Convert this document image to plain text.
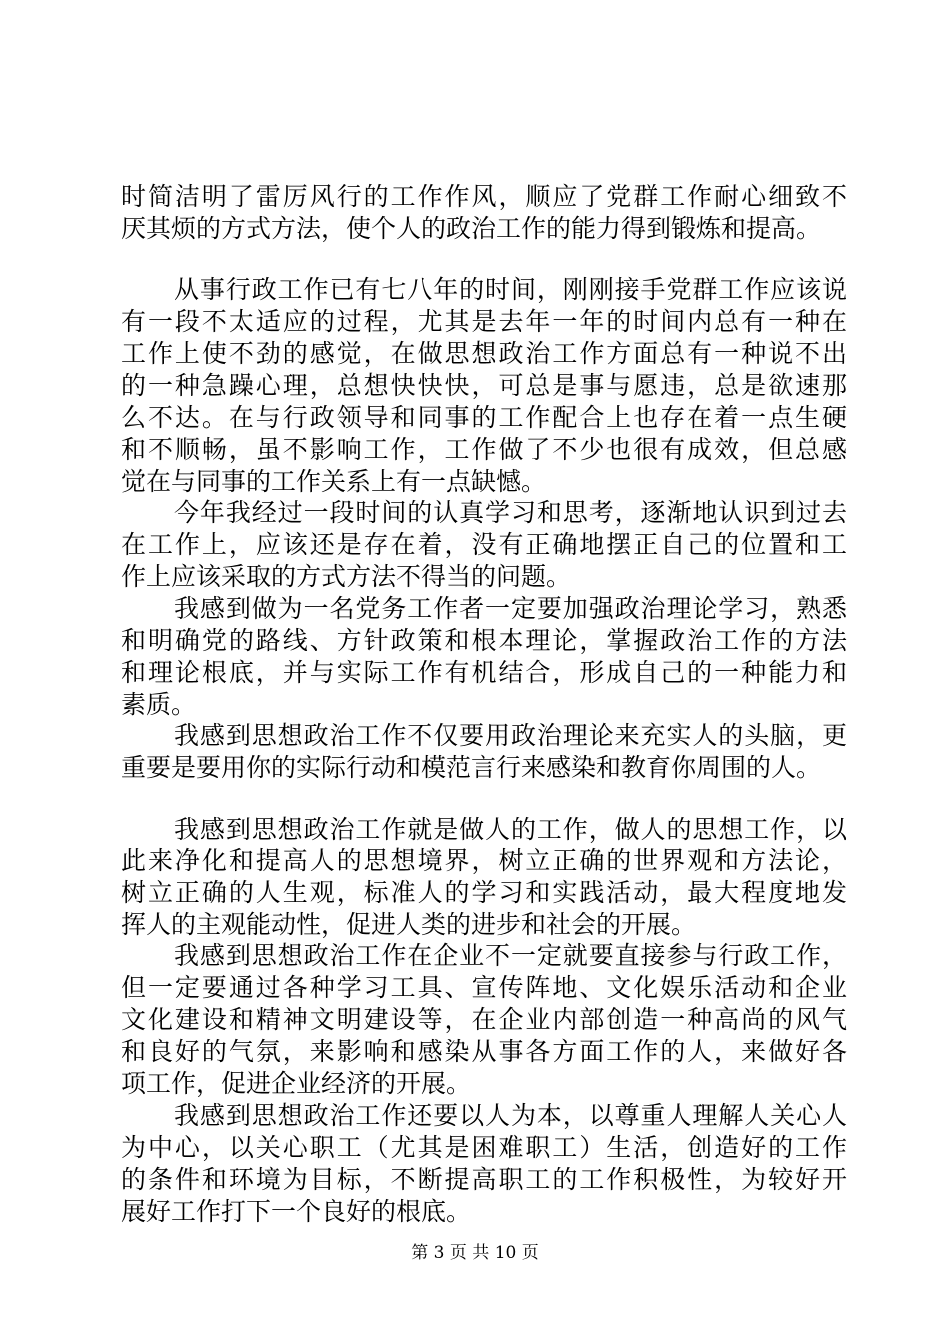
时简洁明了雷厉风行的工作作风，顺应了党群工作耐心细致不
厌其烦的方式方法，使个人的政治工作的能力得到锻炼和提高。
从事行政工作已有七八年的时间，刚刚接手党群工作应该说
有一段不太适应的过程，尤其是去年一年的时间内总有一种在
工作上使不劲的感觉，在做思想政治工作方面总有一种说不出
的一种急躁心理，总想快快快，可总是事与愿违，总是欲速那
么不达。在与行政领导和同事的工作配合上也存在着一点生硬
和不顺畅，虽不影响工作，工作做了不少也很有成效，但总感
觉在与同事的工作关系上有一点缺憾。
今年我经过一段时间的认真学习和思考，逐渐地认识到过去
在工作上，应该还是存在着，没有正确地摆正自己的位置和工
作上应该采取的方式方法不得当的问题。
我感到做为一名党务工作者一定要加强政治理论学习，熟悉
和明确党的路线、方针政策和根本理论，掌握政治工作的方法
和理论根底，并与实际工作有机结合，形成自己的一种能力和
素质。
我感到思想政治工作不仅要用政治理论来充实人的头脑，更
重要是要用你的实际行动和模范言行来感染和教育你周围的人。
我感到思想政治工作就是做人的工作，做人的思想工作，以
此来净化和提高人的思想境界，树立正确的世界观和方法论，
树立正确的人生观，标准人的学习和实践活动，最大程度地发
挥人的主观能动性，促进人类的进步和社会的开展。
我感到思想政治工作在企业不一定就要直接参与行政工作，
但一定要通过各种学习工具、宣传阵地、文化娱乐活动和企业
文化建设和精神文明建设等，在企业内部创造一种高尚的风气
和良好的气氛，来影响和感染从事各方面工作的人，来做好各
项工作，促进企业经济的开展。
我感到思想政治工作还要以人为本，以尊重人理解人关心人
为中心，以关心职工（尤其是困难职工）生活，创造好的工作
的条件和环境为目标，不断提高职工的工作积极性，为较好开
展好工作打下一个良好的根底。
第 3 页 共 10 页
